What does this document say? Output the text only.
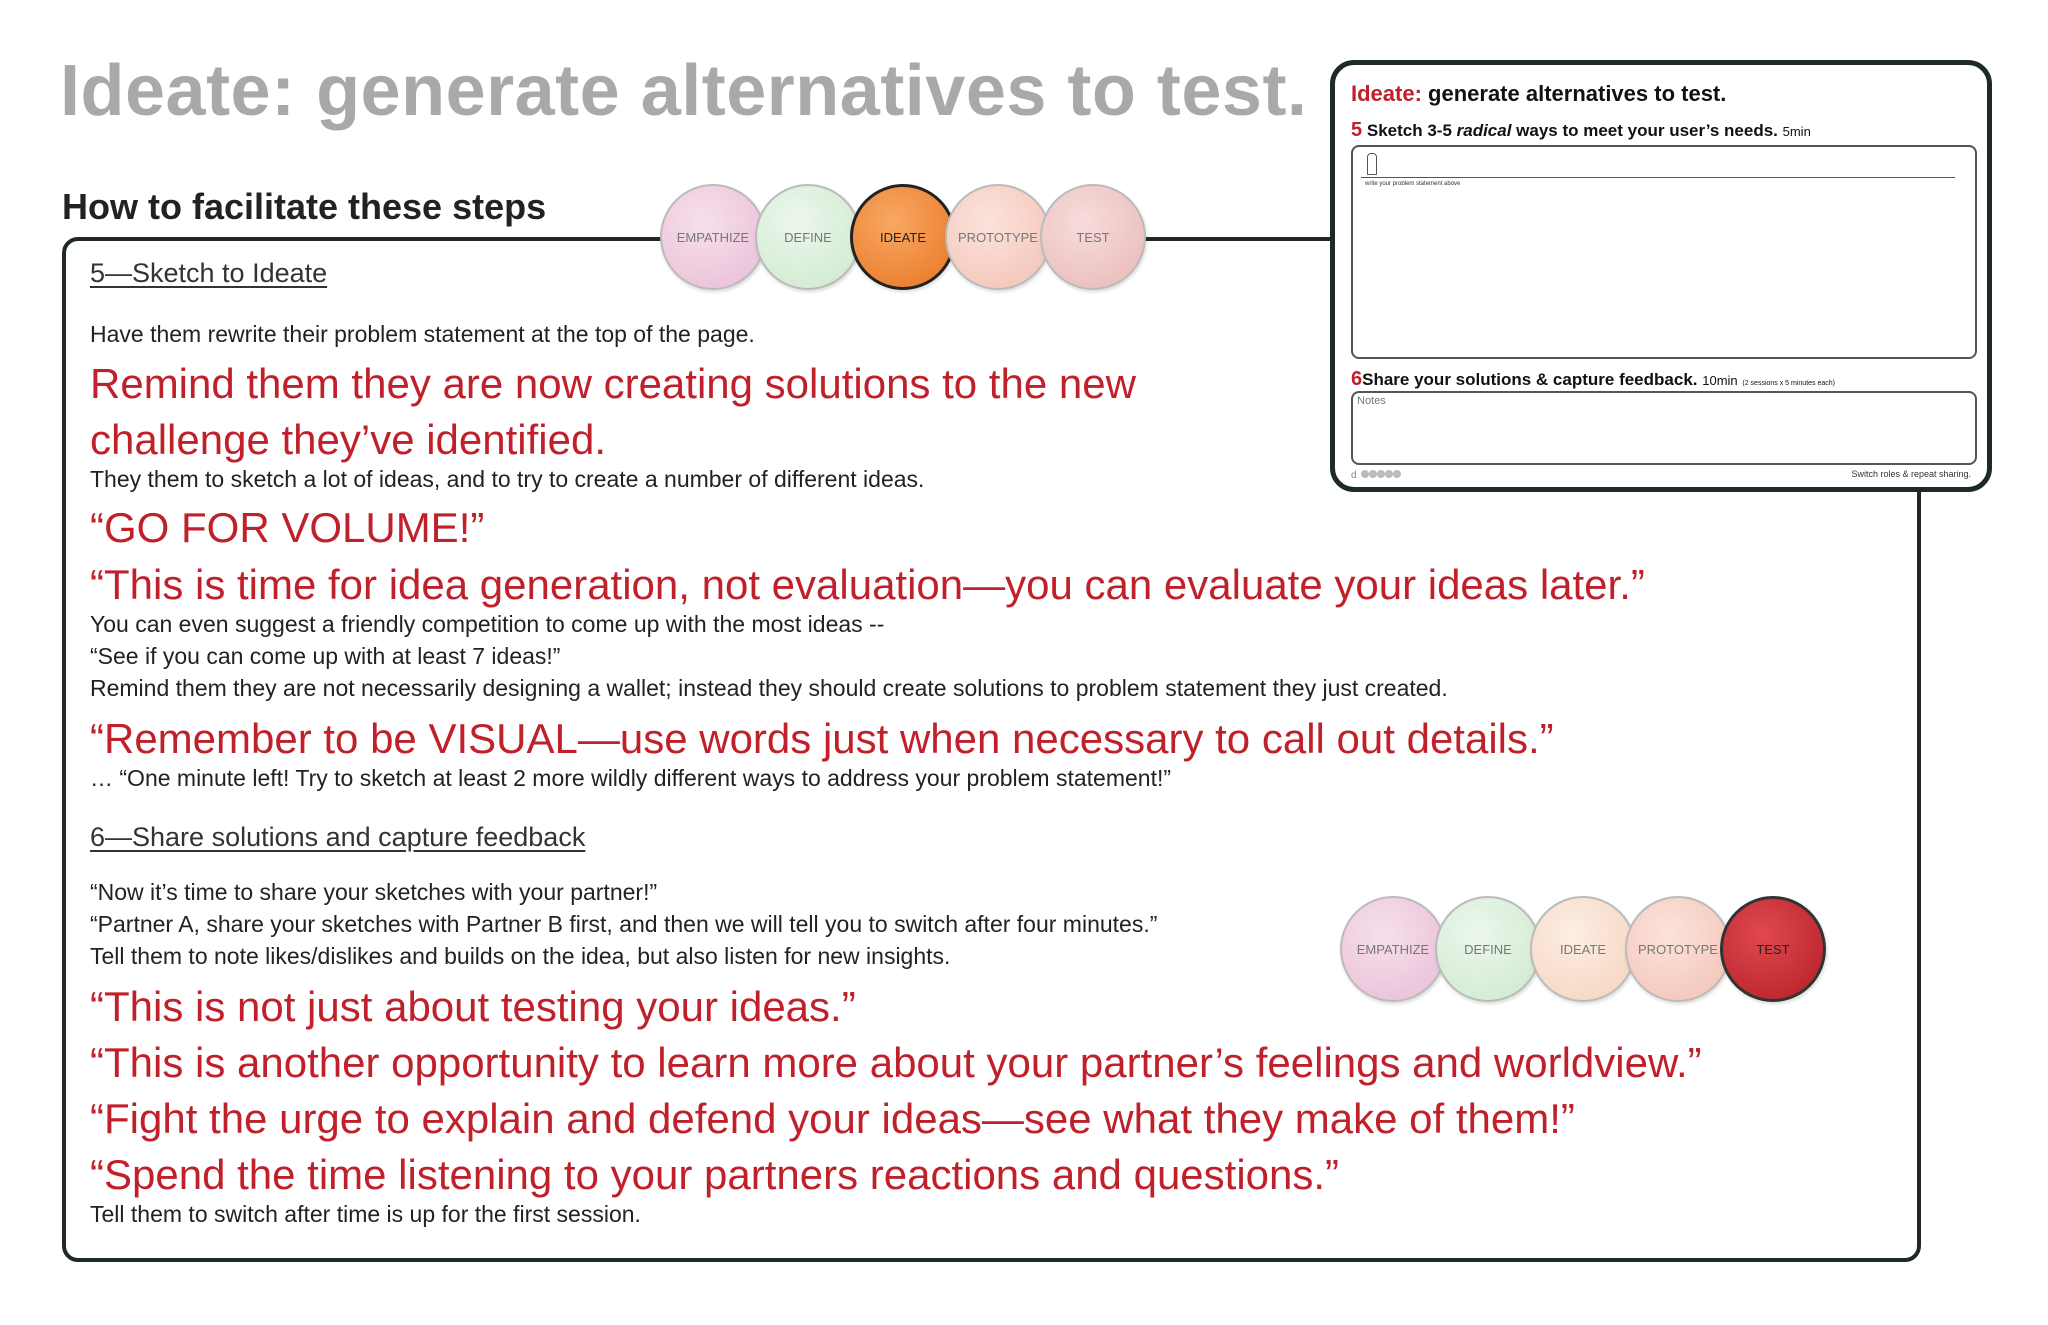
Ideate: generate alternatives to test.
How to facilitate these steps
EMPATHIZE	DEFINE	IDEATE	PROTOTYPE	TEST
5—Sketch to Ideate
Have them rewrite their problem statement at the top of the page.
Remind them they are now creating solutions to the new
challenge they’ve identified.
They them to sketch a lot of ideas, and to try to create a number of different ideas.
“GO FOR VOLUME!”
“This is time for idea generation, not evaluation—you can evaluate your ideas later.”
You can even suggest a friendly competition to come up with the most ideas --
“See if you can come up with at least 7 ideas!”
Remind them they are not necessarily designing a wallet; instead they should create solutions to problem statement they just created.
“Remember to be VISUAL—use words just when necessary to call out details.”
… “One minute left! Try to sketch at least 2 more wildly different ways to address your problem statement!”
6—Share solutions and capture feedback
“Now it’s time to share your sketches with your partner!”
“Partner A, share your sketches with Partner B first, and then we will tell you to switch after four minutes.”
Tell them to note likes/dislikes and builds on the idea, but also listen for new insights.
“This is not just about testing your ideas.”
“This is another opportunity to learn more about your partner’s feelings and worldview.”
“Fight the urge to explain and defend your ideas—see what they make of them!”
“Spend the time listening to your partners reactions and questions.”
Tell them to switch after time is up for the first session.
EMPATHIZE	DEFINE	IDEATE	PROTOTYPE	TEST
Ideate: generate alternatives to test.
5 Sketch 3-5 radical ways to meet your user’s needs. 5min
write your problem statement above
6Share your solutions & capture feedback. 10min (2 sessions x 5 minutes each)
Notes
d	Switch roles & repeat sharing.
